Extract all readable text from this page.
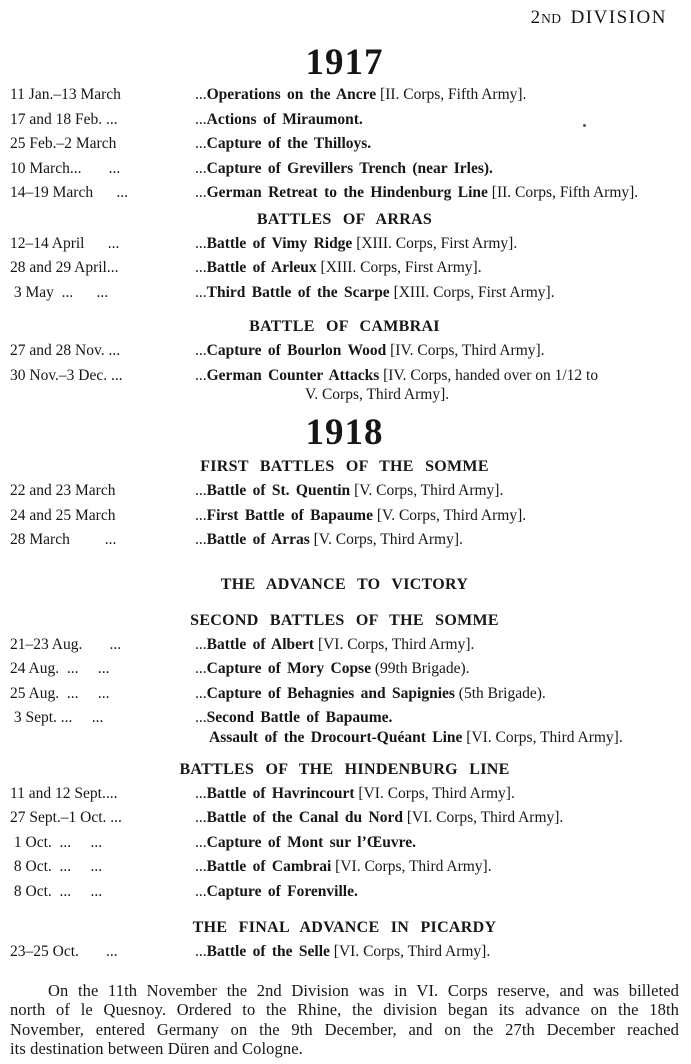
2ND DIVISION
1917
11 Jan.–13 March	...Operations on the Ancre [II. Corps, Fifth Army].
17 and 18 Feb. ...	...Actions of Miraumont.
25 Feb.–2 March	...Capture of the Thilloys.
10 March...       ...	...Capture of Grevillers Trench (near Irles).
14–19 March      ...	...German Retreat to the Hindenburg Line [II. Corps, Fifth Army].
BATTLES OF ARRAS
12–14 April      ...	...Battle of Vimy Ridge [XIII. Corps, First Army].
28 and 29 April...	...Battle of Arleux [XIII. Corps, First Army].
3 May  ...      ...	...Third Battle of the Scarpe [XIII. Corps, First Army].
BATTLE OF CAMBRAI
27 and 28 Nov. ...	...Capture of Bourlon Wood [IV. Corps, Third Army].
30 Nov.–3 Dec. ...	...German Counter Attacks [IV. Corps, handed over on 1/12 to
V. Corps, Third Army].
1918
FIRST BATTLES OF THE SOMME
22 and 23 March	...Battle of St. Quentin [V. Corps, Third Army].
24 and 25 March	...First Battle of Bapaume [V. Corps, Third Army].
28 March         ...	...Battle of Arras [V. Corps, Third Army].
THE ADVANCE TO VICTORY
SECOND BATTLES OF THE SOMME
21–23 Aug.       ...	...Battle of Albert [VI. Corps, Third Army].
24 Aug.  ...     ...	...Capture of Mory Copse (99th Brigade).
25 Aug.  ...     ...	...Capture of Behagnies and Sapignies (5th Brigade).
3 Sept. ...     ...	...Second Battle of Bapaume.
Assault of the Drocourt-Quéant Line [VI. Corps, Third Army].
BATTLES OF THE HINDENBURG LINE
11 and 12 Sept....	...Battle of Havrincourt [VI. Corps, Third Army].
27 Sept.–1 Oct. ...	...Battle of the Canal du Nord [VI. Corps, Third Army].
1 Oct.  ...     ...	...Capture of Mont sur l’Œuvre.
8 Oct.  ...     ...	...Battle of Cambrai [VI. Corps, Third Army].
8 Oct.  ...     ...	...Capture of Forenville.
THE FINAL ADVANCE IN PICARDY
23–25 Oct.       ...	...Battle of the Selle [VI. Corps, Third Army].
On the 11th November the 2nd Division was in VI. Corps reserve, and was billeted
north of le Quesnoy. Ordered to the Rhine, the division began its advance on the 18th
November, entered Germany on the 9th December, and on the 27th December reached
its destination between Düren and Cologne.
